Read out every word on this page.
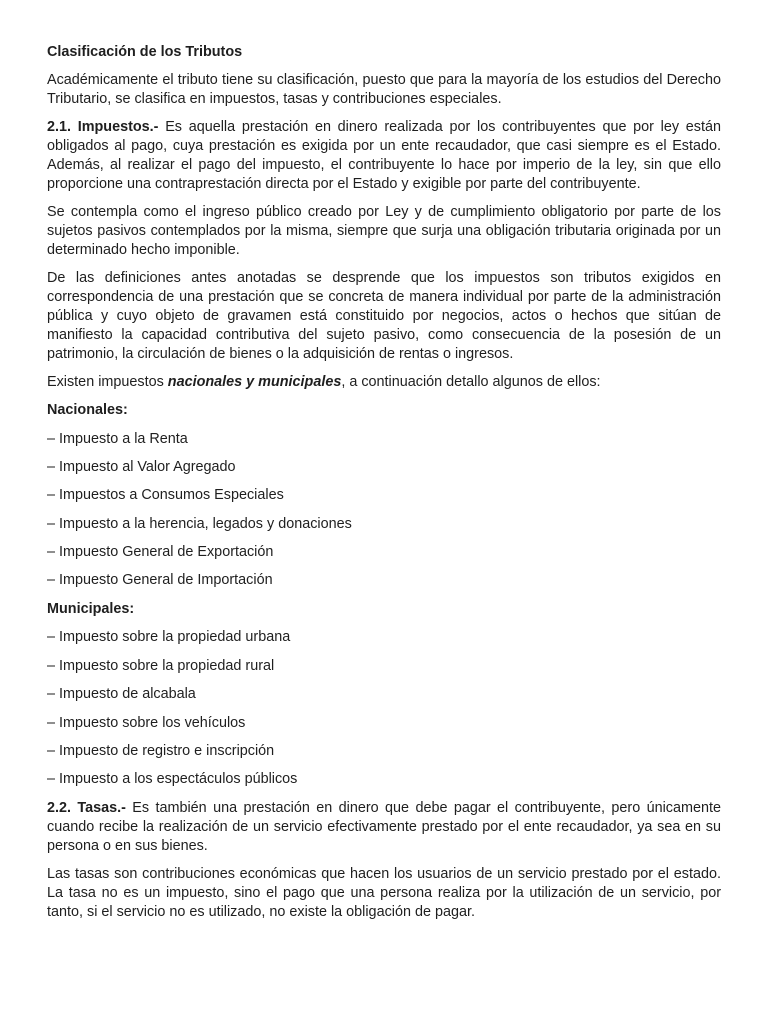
Clasificación de los Tributos

Académicamente el tributo tiene su clasificación, puesto que para la mayoría de los estudios del Derecho Tributario, se clasifica en impuestos, tasas y contribuciones especiales.

2.1. Impuestos.- Es aquella prestación en dinero realizada por los contribuyentes que por ley están obligados al pago, cuya prestación es exigida por un ente recaudador, que casi siempre es el Estado. Además, al realizar el pago del impuesto, el contribuyente lo hace por imperio de la ley, sin que ello proporcione una contraprestación directa por el Estado y exigible por parte del contribuyente.

Se contempla como el ingreso público creado por Ley y de cumplimiento obligatorio por parte de los sujetos pasivos contemplados por la misma, siempre que surja una obligación tributaria originada por un determinado hecho imponible.

De las definiciones antes anotadas se desprende que los impuestos son tributos exigidos en correspondencia de una prestación que se concreta de manera individual por parte de la administración pública y cuyo objeto de gravamen está constituido por negocios, actos o hechos que sitúan de manifiesto la capacidad contributiva del sujeto pasivo, como consecuencia de la posesión de un patrimonio, la circulación de bienes o la adquisición de rentas o ingresos.

Existen impuestos nacionales y municipales, a continuación detallo algunos de ellos:

Nacionales:
– Impuesto a la Renta
– Impuesto al Valor Agregado
– Impuestos a Consumos Especiales
– Impuesto a la herencia, legados y donaciones
– Impuesto General de Exportación
– Impuesto General de Importación
Municipales:
– Impuesto sobre la propiedad urbana
– Impuesto sobre la propiedad rural
– Impuesto de alcabala
– Impuesto sobre los vehículos
– Impuesto de registro e inscripción
– Impuesto a los espectáculos públicos

2.2. Tasas.- Es también una prestación en dinero que debe pagar el contribuyente, pero únicamente cuando recibe la realización de un servicio efectivamente prestado por el ente recaudador, ya sea en su persona o en sus bienes.

Las tasas son contribuciones económicas que hacen los usuarios de un servicio prestado por el estado. La tasa no es un impuesto, sino el pago que una persona realiza por la utilización de un servicio, por tanto, si el servicio no es utilizado, no existe la obligación de pagar.
